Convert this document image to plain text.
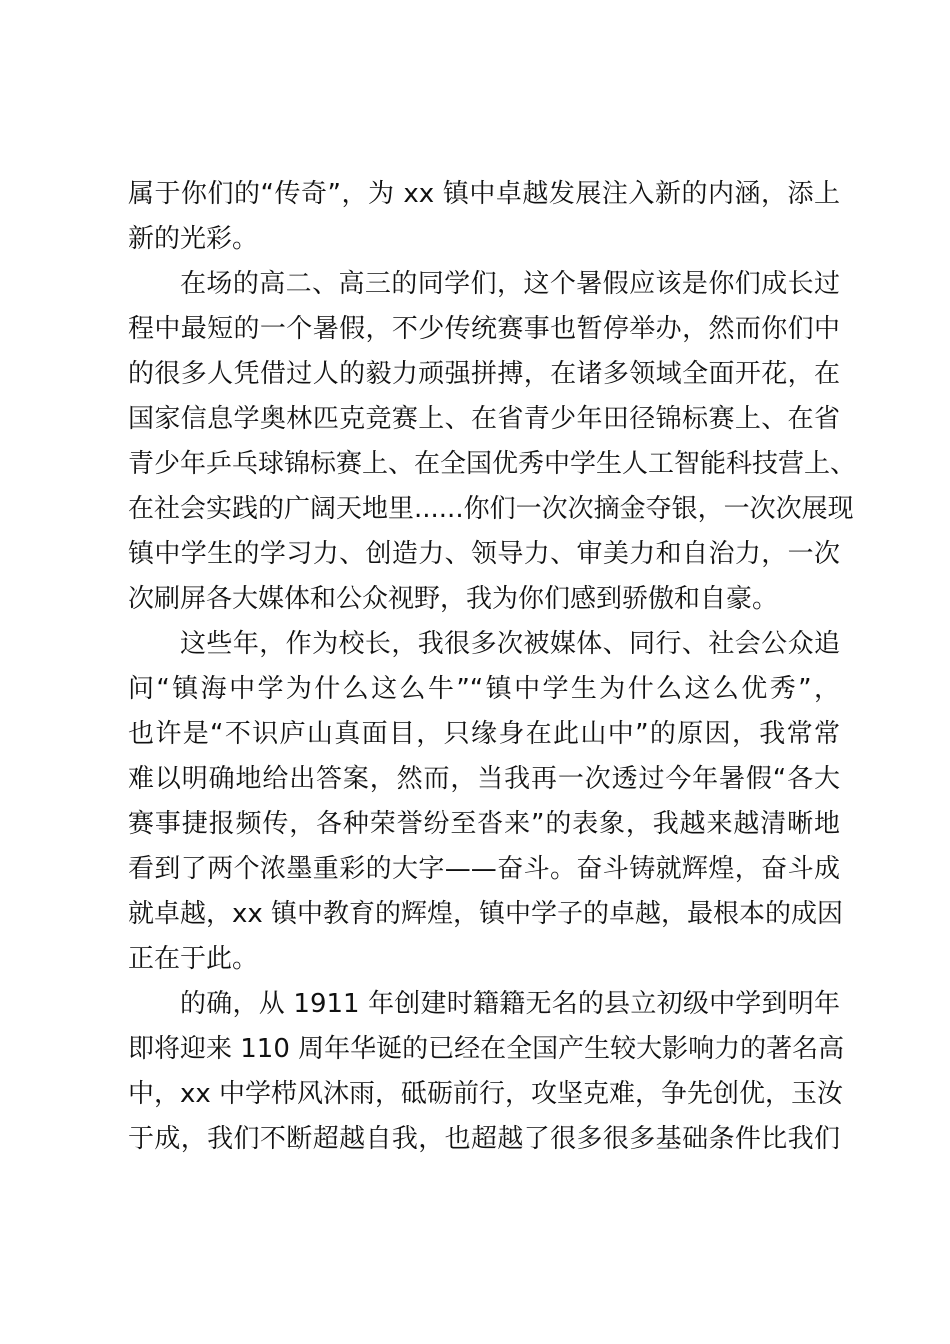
属于你们的“传奇”，为 xx 镇中卓越发展注入新的内涵，添上
新的光彩。
在场的高二、高三的同学们，这个暑假应该是你们成长过
程中最短的一个暑假，不少传统赛事也暂停举办，然而你们中
的很多人凭借过人的毅力顽强拼搏，在诸多领域全面开花，在
国家信息学奥林匹克竞赛上、在省青少年田径锦标赛上、在省
青少年乒乓球锦标赛上、在全国优秀中学生人工智能科技营上、
在社会实践的广阔天地里......你们一次次摘金夺银，一次次展现
镇中学生的学习力、创造力、领导力、审美力和自治力，一次
次刷屏各大媒体和公众视野，我为你们感到骄傲和自豪。
这些年，作为校长，我很多次被媒体、同行、社会公众追
问“镇海中学为什么这么牛”“镇中学生为什么这么优秀”，
也许是“不识庐山真面目，只缘身在此山中”的原因，我常常
难以明确地给出答案，然而，当我再一次透过今年暑假“各大
赛事捷报频传，各种荣誉纷至沓来”的表象，我越来越清晰地
看到了两个浓墨重彩的大字——奋斗。奋斗铸就辉煌，奋斗成
就卓越，xx 镇中教育的辉煌，镇中学子的卓越，最根本的成因
正在于此。
的确，从 1911 年创建时籍籍无名的县立初级中学到明年
即将迎来 110 周年华诞的已经在全国产生较大影响力的著名高
中，xx 中学栉风沐雨，砥砺前行，攻坚克难，争先创优，玉汝
于成，我们不断超越自我，也超越了很多很多基础条件比我们
